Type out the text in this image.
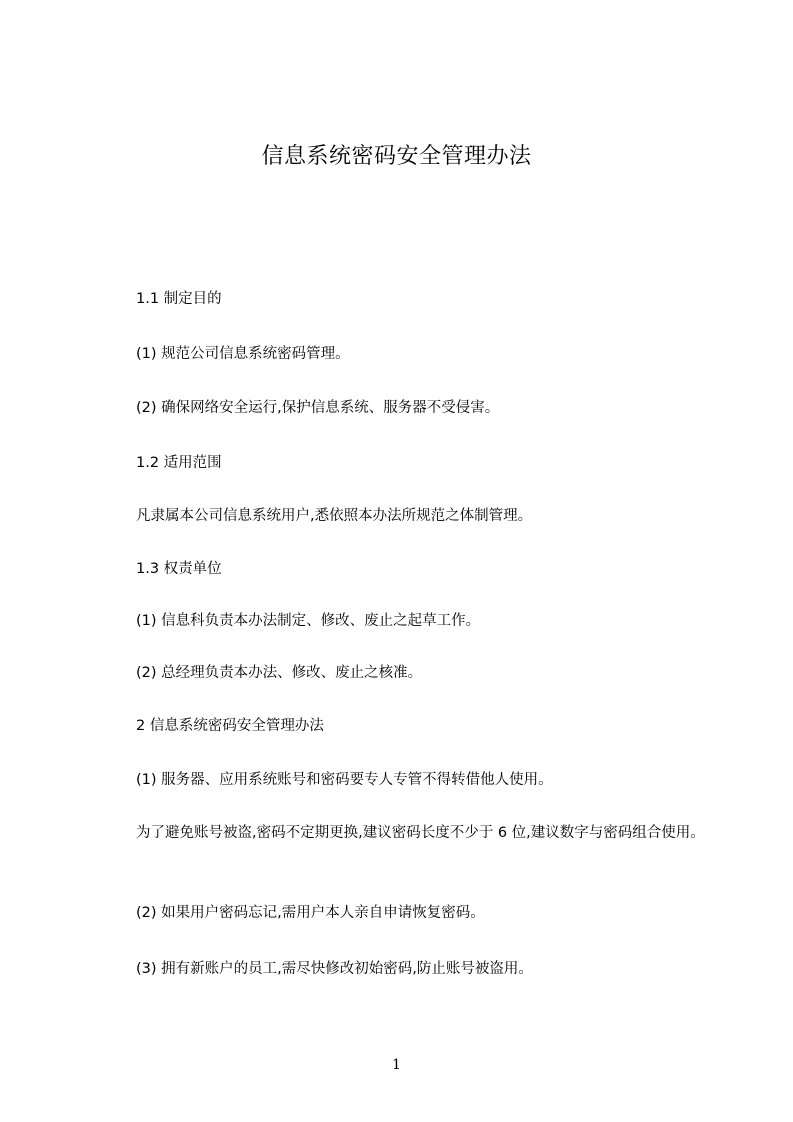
信息系统密码安全管理办法
1.1 制定目的
(1) 规范公司信息系统密码管理。
(2) 确保网络安全运行,保护信息系统、服务器不受侵害。
1.2 适用范围
凡隶属本公司信息系统用户,悉依照本办法所规范之体制管理。
1.3 权责单位
(1) 信息科负责本办法制定、修改、废止之起草工作。
(2) 总经理负责本办法、修改、废止之核准。
2 信息系统密码安全管理办法
(1) 服务器、应用系统账号和密码要专人专管不得转借他人使用。
为了避免账号被盗,密码不定期更换,建议密码长度不少于 6 位,建议数字与密码组合使用。
(2) 如果用户密码忘记,需用户本人亲自申请恢复密码。
(3) 拥有新账户的员工,需尽快修改初始密码,防止账号被盗用。
1
